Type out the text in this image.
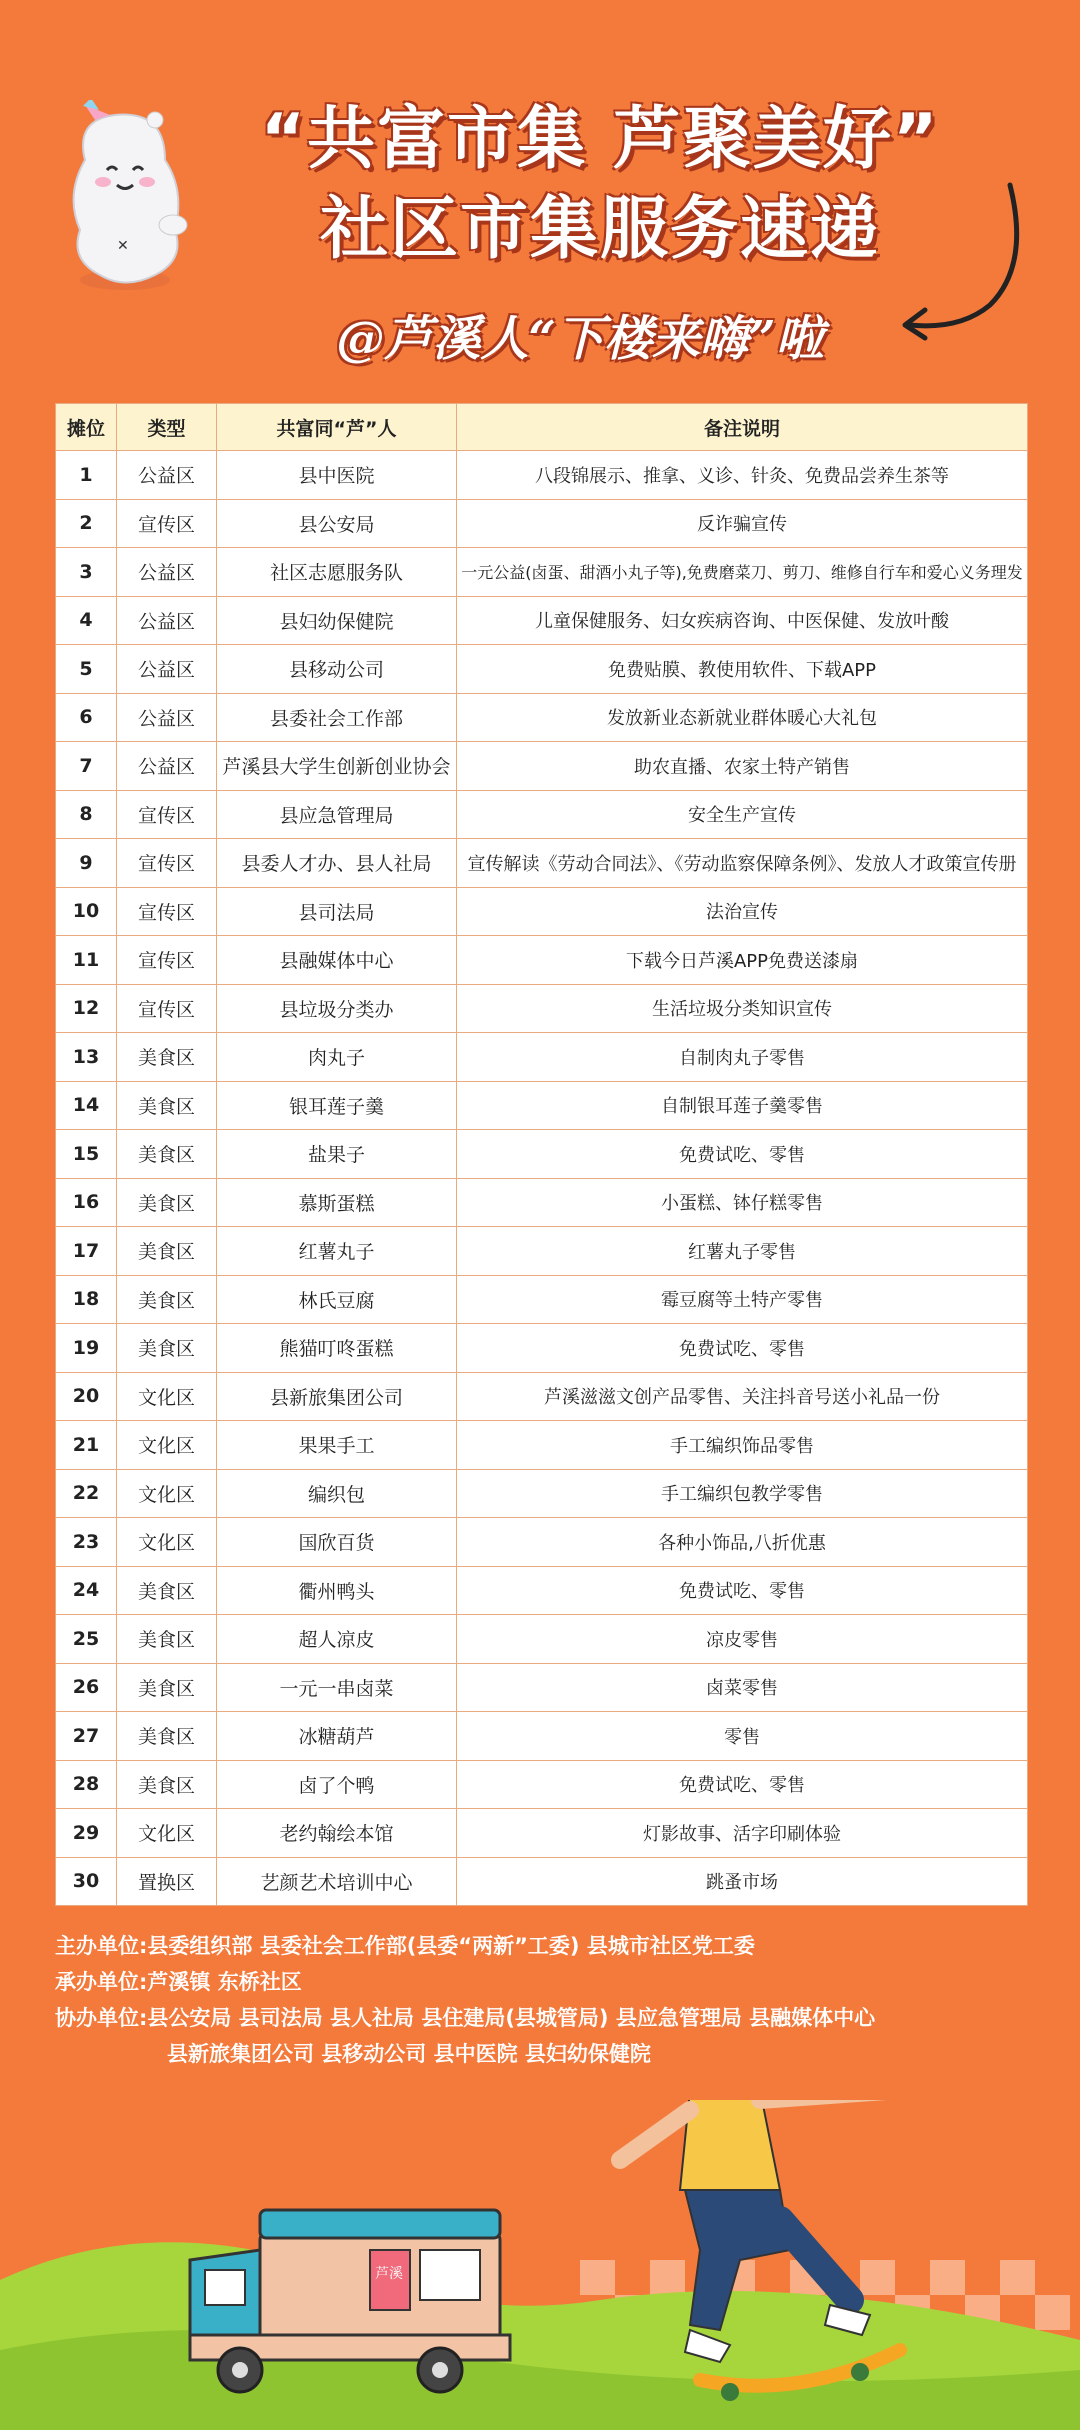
✕
“共富市集 芦聚美好”
社区市集服务速递
@芦溪人“下楼来嗨”啦
摊位	类型	共富同“芦”人	备注说明
1	公益区	县中医院	八段锦展示、推拿、义诊、针灸、免费品尝养生茶等
2	宣传区	县公安局	反诈骗宣传
3	公益区	社区志愿服务队	一元公益(卤蛋、甜酒小丸子等),免费磨菜刀、剪刀、维修自行车和爱心义务理发
4	公益区	县妇幼保健院	儿童保健服务、妇女疾病咨询、中医保健、发放叶酸
5	公益区	县移动公司	免费贴膜、教使用软件、下载APP
6	公益区	县委社会工作部	发放新业态新就业群体暖心大礼包
7	公益区	芦溪县大学生创新创业协会	助农直播、农家土特产销售
8	宣传区	县应急管理局	安全生产宣传
9	宣传区	县委人才办、县人社局	宣传解读《劳动合同法》、《劳动监察保障条例》、发放人才政策宣传册
10	宣传区	县司法局	法治宣传
11	宣传区	县融媒体中心	下载今日芦溪APP免费送漆扇
12	宣传区	县垃圾分类办	生活垃圾分类知识宣传
13	美食区	肉丸子	自制肉丸子零售
14	美食区	银耳莲子羹	自制银耳莲子羹零售
15	美食区	盐果子	免费试吃、零售
16	美食区	慕斯蛋糕	小蛋糕、钵仔糕零售
17	美食区	红薯丸子	红薯丸子零售
18	美食区	林氏豆腐	霉豆腐等土特产零售
19	美食区	熊猫叮咚蛋糕	免费试吃、零售
20	文化区	县新旅集团公司	芦溪滋滋文创产品零售、关注抖音号送小礼品一份
21	文化区	果果手工	手工编织饰品零售
22	文化区	编织包	手工编织包教学零售
23	文化区	国欣百货	各种小饰品,八折优惠
24	美食区	衢州鸭头	免费试吃、零售
25	美食区	超人凉皮	凉皮零售
26	美食区	一元一串卤菜	卤菜零售
27	美食区	冰糖葫芦	零售
28	美食区	卤了个鸭	免费试吃、零售
29	文化区	老约翰绘本馆	灯影故事、活字印刷体验
30	置换区	艺颜艺术培训中心	跳蚤市场
主办单位:县委组织部 县委社会工作部(县委“两新”工委) 县城市社区党工委
承办单位:芦溪镇 东桥社区
协办单位:县公安局 县司法局 县人社局 县住建局(县城管局) 县应急管理局 县融媒体中心
县新旅集团公司 县移动公司 县中医院 县妇幼保健院
芦溪
